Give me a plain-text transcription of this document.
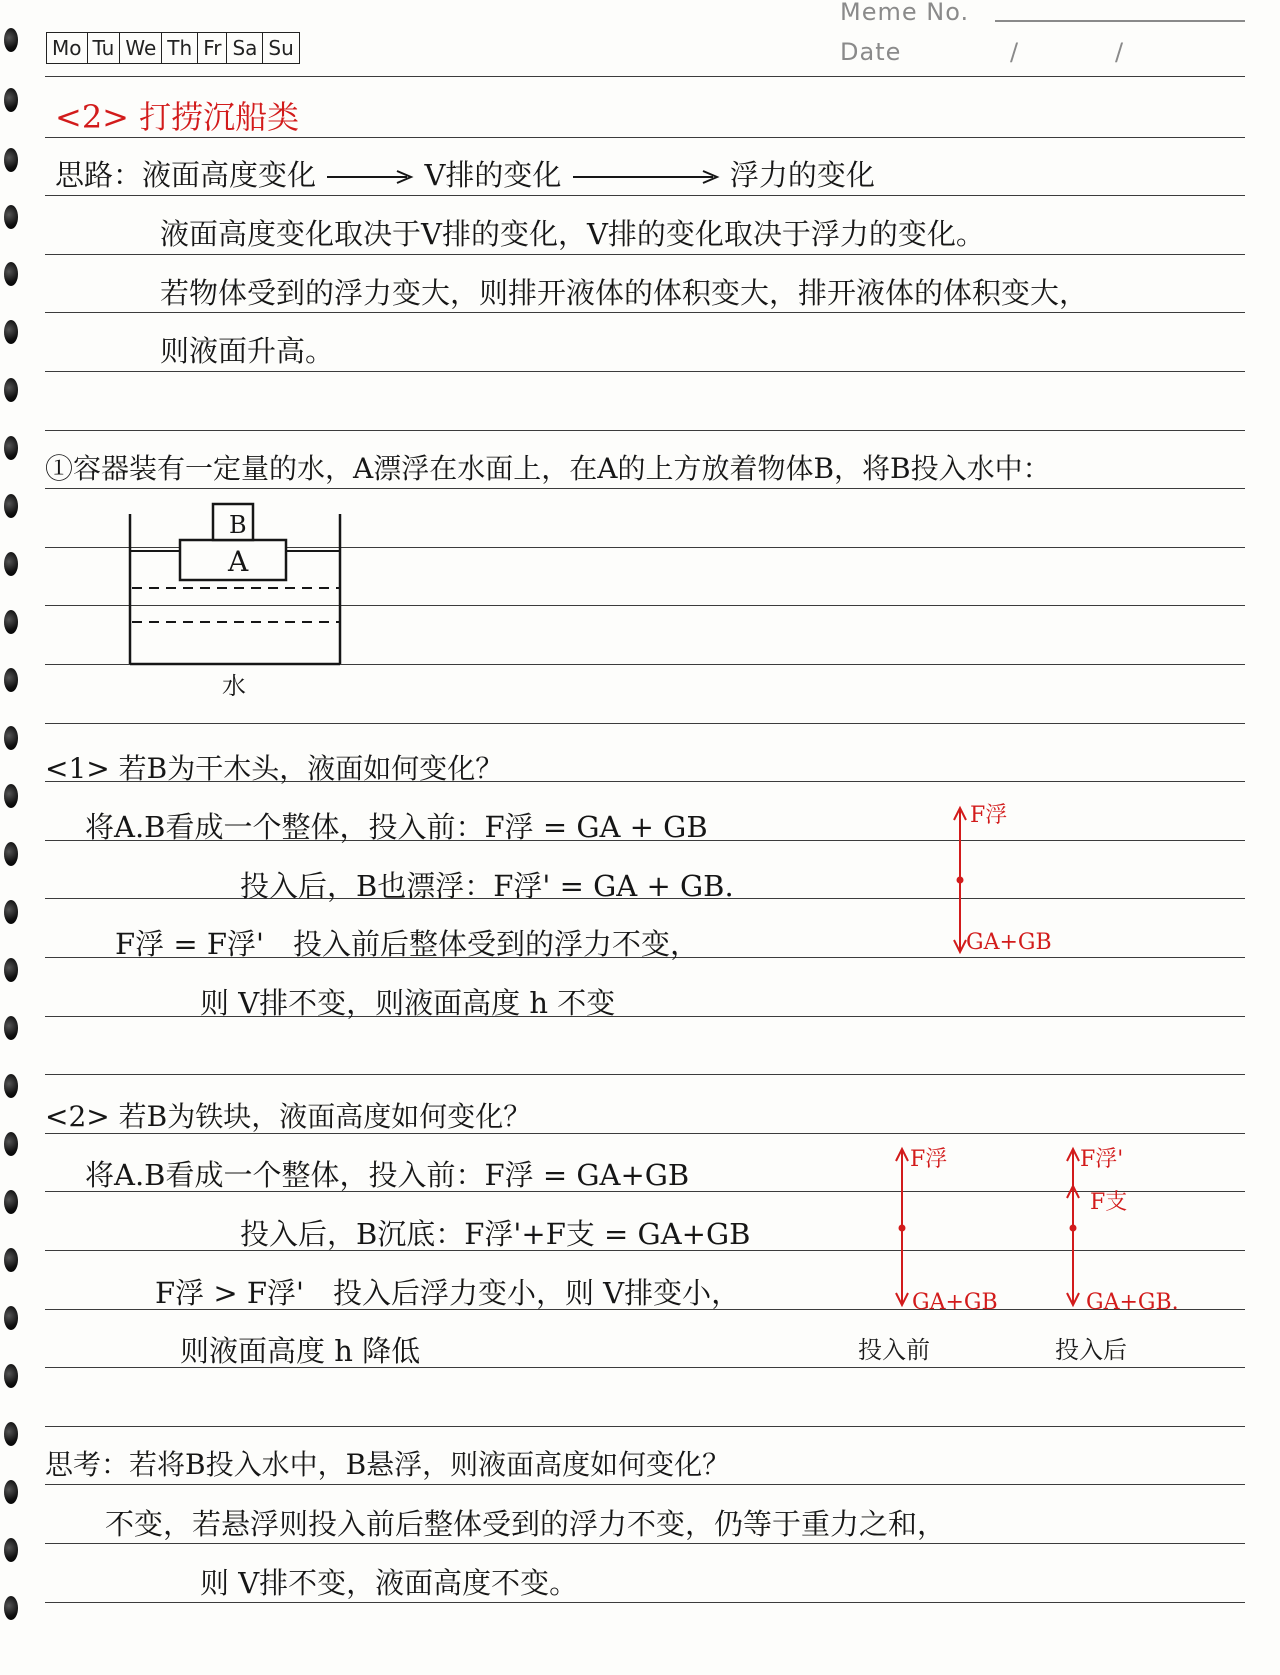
Mo Tu We Th Fr Sa Su
Meme No.
Date	/	/
<2> 打捞沉船类
思路：液面高度变化	V排的变化	浮力的变化
液面高度变化取决于V排的变化，V排的变化取决于浮力的变化。
若物体受到的浮力变大，则排开液体的体积变大，排开液体的体积变大，
则液面升高。
①容器装有一定量的水，A漂浮在水面上，在A的上方放着物体B，将B投入水中：
B
A
水
<1> 若B为干木头，液面如何变化？
将A.B看成一个整体，投入前：F浮 = GA + GB
投入后，B也漂浮：F浮' = GA + GB.
F浮 = F浮'　投入前后整体受到的浮力不变，
则 V排不变，则液面高度 h 不变
F浮
GA+GB
<2> 若B为铁块，液面高度如何变化？
将A.B看成一个整体，投入前：F浮 = GA+GB
投入后，B沉底：F浮'+F支 = GA+GB
F浮 > F浮'　投入后浮力变小，则 V排变小，
则液面高度 h 降低
F浮
GA+GB
投入前
F浮'
F支
GA+GB.
投入后
思考：若将B投入水中，B悬浮，则液面高度如何变化？
不变，若悬浮则投入前后整体受到的浮力不变，仍等于重力之和，
则 V排不变，液面高度不变。
